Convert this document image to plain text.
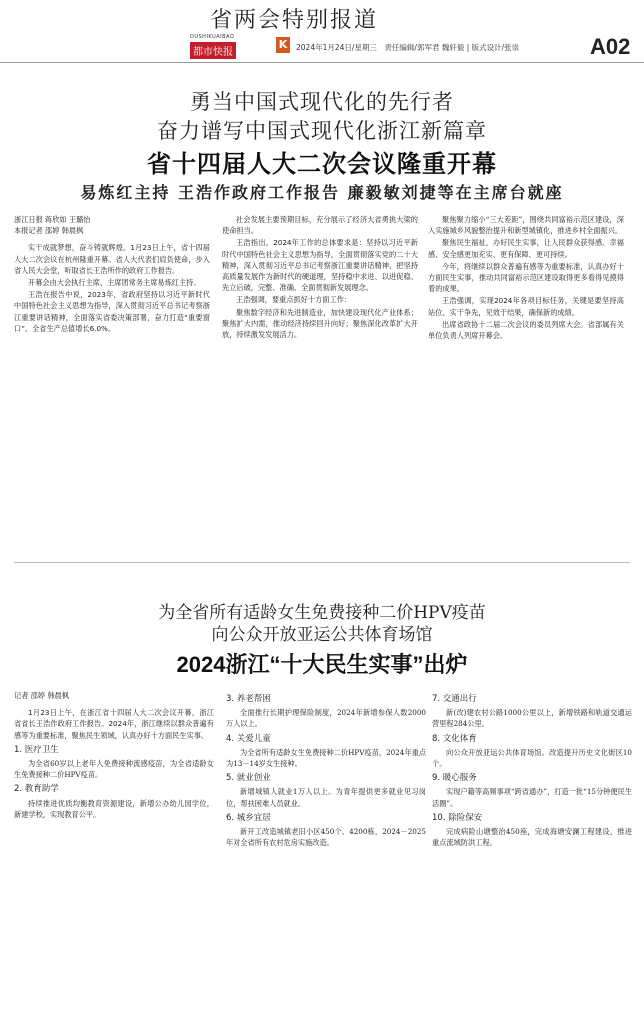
省两会特别报道
DUSHIKUAIBAO
都市快报
K	2024年1月24日/星期三　责任编辑/郭军君 魏轩毅 | 版式设计/张崇	A02
勇当中国式现代化的先行者
奋力谱写中国式现代化浙江新篇章
省十四届人大二次会议隆重开幕
易炼红主持 王浩作政府工作报告 廉毅敏刘捷等在主席台就座
浙江日报 蒋欣如 王璐怡
本报记者 邵婷 韩晨枫

实干成就梦想，奋斗铸就辉煌。1月23日上午，省十四届人大二次会议在杭州隆重开幕。省人大代表们肩负使命，步入省人民大会堂，听取省长王浩所作的政府工作报告。

开幕会由大会执行主席、主席团常务主席易炼红主持。

王浩在报告中说，2023年，省政府坚持以习近平新时代中国特色社会主义思想为指导，深入贯彻习近平总书记考察浙江重要讲话精神，全面落实省委决策部署，奋力打造“重要窗口”。全省生产总值增长6.0%。

社会发展主要预期目标，充分展示了经济大省勇挑大梁的使命担当。

王浩指出，2024年工作的总体要求是：坚持以习近平新时代中国特色社会主义思想为指导，全面贯彻落实党的二十大精神，深入贯彻习近平总书记考察浙江重要讲话精神，把坚持高质量发展作为新时代的硬道理，坚持稳中求进、以进促稳、先立后破，完整、准确、全面贯彻新发展理念。

王浩强调，要重点抓好十方面工作：

聚焦数字经济和先进制造业，加快建设现代化产业体系；聚焦扩大内需，推动经济持续回升向好；聚焦深化改革扩大开放，持续激发发展活力。

聚焦聚力缩小“三大差距”，围绕共同富裕示范区建设，深入实施城乡风貌整治提升和新型城镇化，推进乡村全面振兴。

聚焦民生福祉，办好民生实事，让人民群众获得感、幸福感、安全感更加充实、更有保障、更可持续。

今年，将继续以群众普遍有感等为重要标准，认真办好十方面民生实事，推动共同富裕示范区建设取得更多看得见摸得着的成果。

王浩强调，实现2024年各项目标任务，关键是要坚持高站位、实干争先，见效于结果，确保新的成绩。

出席省政协十二届二次会议的委员列席大会。省部属有关单位负责人列席开幕会。

为全省所有适龄女生免费接种二价HPV疫苗
向公众开放亚运公共体育场馆
2024浙江“十大民生实事”出炉
记者 邵婷 韩晨枫

1月23日上午，在浙江省十四届人大二次会议开幕，浙江省省长王浩作政府工作报告。2024年，浙江继续以群众普遍有感等为重要标准，聚焦民生领域，认真办好十方面民生实事。

1. 医疗卫生

为全省60岁以上老年人免费接种流感疫苗，为全省适龄女生免费接种二价HPV疫苗。

2. 教育助学

持续推进优质均衡教育资源建设，新增公办幼儿园学位，新建学校，实现教育公平。

3. 养老帮困

全面推行长期护理保险制度，2024年新增参保人数2000万人以上。

4. 关爱儿童

为全省所有适龄女生免费接种二价HPV疫苗，2024年重点为13－14岁女生接种。

5. 就业创业

新增城镇人就业1万人以上。为青年提供更多就业见习岗位，帮扶困难人员就业。

6. 城乡宜居

新开工改造城镇老旧小区450个、4200栋，2024－2025年对全省所有农村危房实施改造。

7. 交通出行

新(改)建农村公路1000公里以上，新增铁路和轨道交通运营里程284公里。

8. 文化体育

向公众开放亚运公共体育场馆。改造提升历史文化街区10个。

9. 暖心服务

实现户籍等高频事项“跨省通办”，打造一批“15分钟便民生活圈”。

10. 除险保安

完成病险山塘整治450座，完成海塘安澜工程建设，推进重点流域防洪工程。
